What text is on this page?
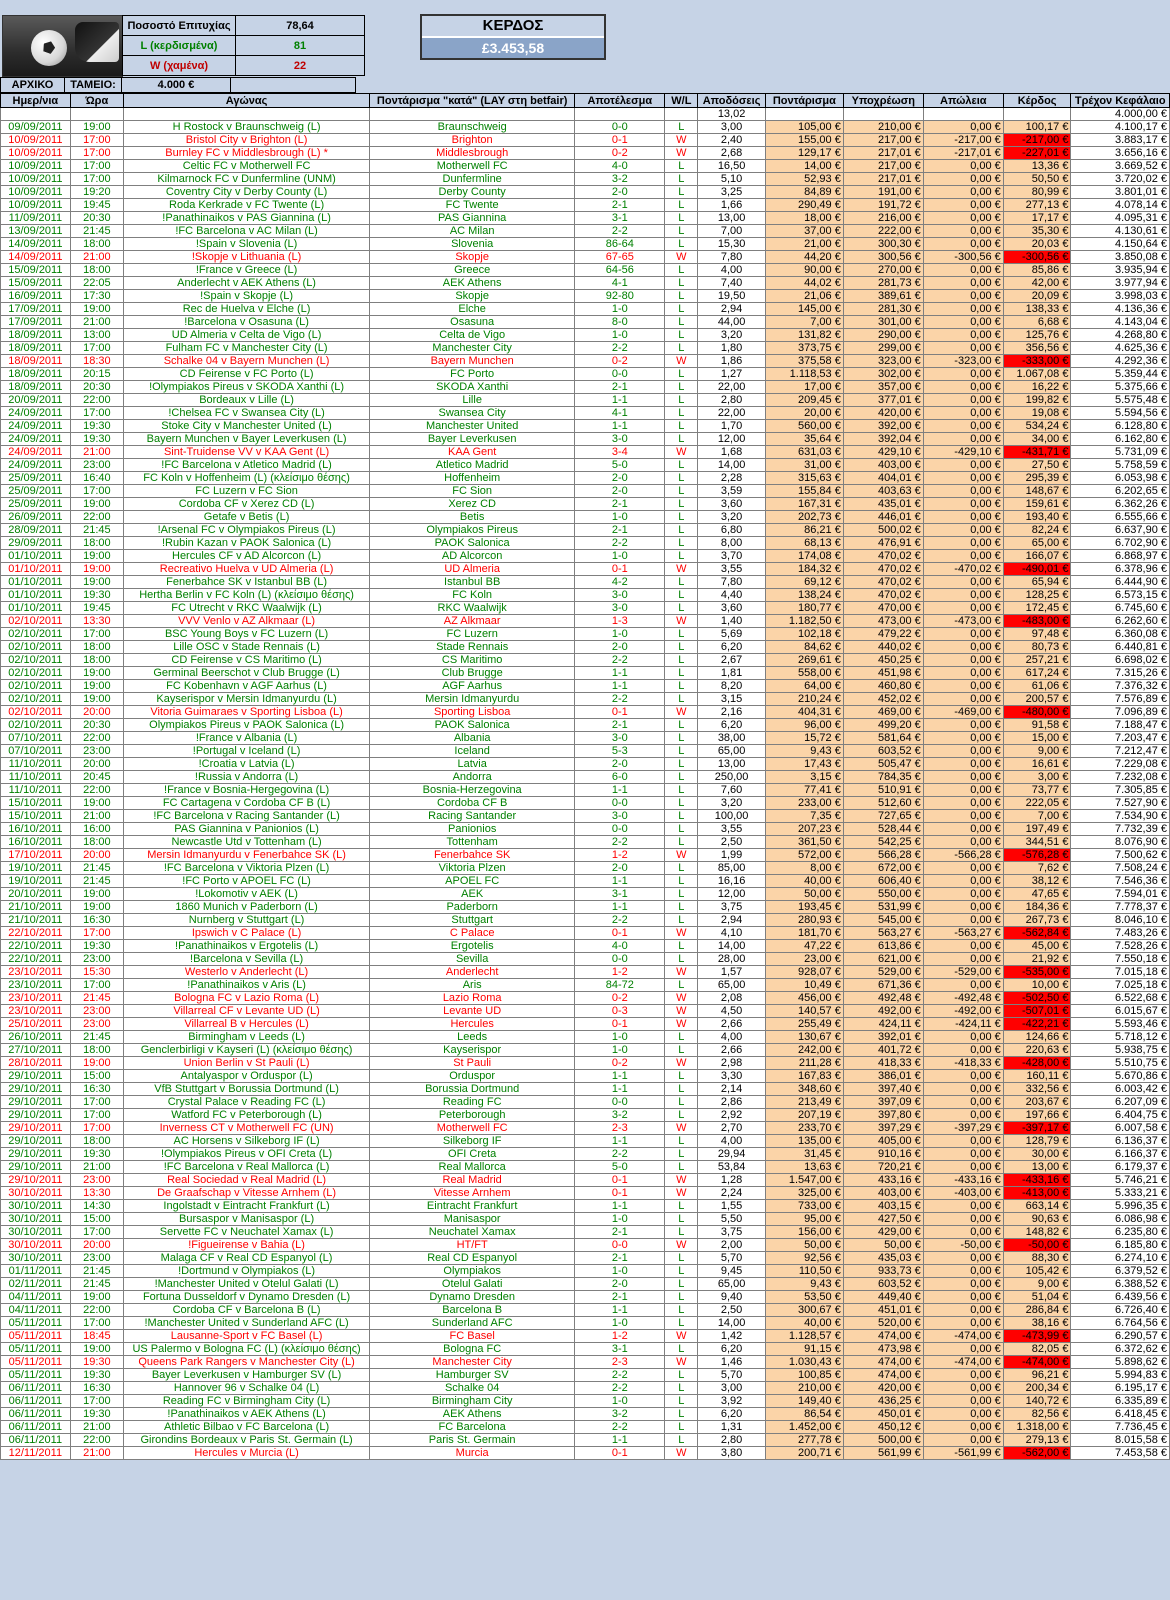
Ποσοστό Επιτυχίας	78,64
L (κερδισμένα)	81
W (χαμένα)	22
ΚΕΡΔΟΣ
£3.453,58
ΑΡΧΙΚΟ	ΤΑΜΕΙΟ:	4.000 €	
Ημερ/νια	Ώρα	Αγώνας	Ποντάρισμα "κατά" (LAY στη betfair)	Αποτέλεσμα	W/L	Αποδόσεις	Ποντάρισμα	Υποχρέωση	Απώλεια	Κέρδος	Τρέχον Κεφάλαιο
						13,02					4.000,00 €
09/09/2011	19:00	H Rostock v Braunschweig (L)	Braunschweig	0-0	L	3,00	105,00 €	210,00 €	0,00 €	100,17 €	4.100,17 €
10/09/2011	17:00	Bristol City v Brighton (L)	Brighton	0-1	W	2,40	155,00 €	217,00 €	-217,00 €	-217,00 €	3.883,17 €
10/09/2011	17:00	Burnley FC v Middlesbrough (L) *	Middlesbrough	0-2	W	2,68	129,17 €	217,01 €	-217,01 €	-227,01 €	3.656,16 €
10/09/2011	17:00	Celtic FC v Motherwell FC	Motherwell FC	4-0	L	16,50	14,00 €	217,00 €	0,00 €	13,36 €	3.669,52 €
10/09/2011	17:00	Kilmarnock FC v Dunfermline (UNM)	Dunfermline	3-2	L	5,10	52,93 €	217,01 €	0,00 €	50,50 €	3.720,02 €
10/09/2011	19:20	Coventry City v Derby County (L)	Derby County	2-0	L	3,25	84,89 €	191,00 €	0,00 €	80,99 €	3.801,01 €
10/09/2011	19:45	Roda Kerkrade v FC Twente (L)	FC Twente	2-1	L	1,66	290,49 €	191,72 €	0,00 €	277,13 €	4.078,14 €
11/09/2011	20:30	!Panathinaikos v PAS Giannina (L)	PAS Giannina	3-1	L	13,00	18,00 €	216,00 €	0,00 €	17,17 €	4.095,31 €
13/09/2011	21:45	!FC Barcelona v AC Milan (L)	AC Milan	2-2	L	7,00	37,00 €	222,00 €	0,00 €	35,30 €	4.130,61 €
14/09/2011	18:00	!Spain v Slovenia (L)	Slovenia	86-64	L	15,30	21,00 €	300,30 €	0,00 €	20,03 €	4.150,64 €
14/09/2011	21:00	!Skopje v Lithuania (L)	Skopje	67-65	W	7,80	44,20 €	300,56 €	-300,56 €	-300,56 €	3.850,08 €
15/09/2011	18:00	!France v Greece (L)	Greece	64-56	L	4,00	90,00 €	270,00 €	0,00 €	85,86 €	3.935,94 €
15/09/2011	22:05	Anderlecht v AEK Athens (L)	AEK Athens	4-1	L	7,40	44,02 €	281,73 €	0,00 €	42,00 €	3.977,94 €
16/09/2011	17:30	!Spain v Skopje (L)	Skopje	92-80	L	19,50	21,06 €	389,61 €	0,00 €	20,09 €	3.998,03 €
17/09/2011	19:00	Rec de Huelva v Elche (L)	Elche	1-0	L	2,94	145,00 €	281,30 €	0,00 €	138,33 €	4.136,36 €
17/09/2011	21:00	!Barcelona v Osasuna (L)	Osasuna	8-0	L	44,00	7,00 €	301,00 €	0,00 €	6,68 €	4.143,04 €
18/09/2011	13:00	UD Almeria v Celta de Vigo (L)	Celta de Vigo	1-0	L	3,20	131,82 €	290,00 €	0,00 €	125,76 €	4.268,80 €
18/09/2011	17:00	Fulham FC v Manchester City (L)	Manchester City	2-2	L	1,80	373,75 €	299,00 €	0,00 €	356,56 €	4.625,36 €
18/09/2011	18:30	Schalke 04 v Bayern Munchen (L)	Bayern Munchen	0-2	W	1,86	375,58 €	323,00 €	-323,00 €	-333,00 €	4.292,36 €
18/09/2011	20:15	CD Feirense v FC Porto (L)	FC Porto	0-0	L	1,27	1.118,53 €	302,00 €	0,00 €	1.067,08 €	5.359,44 €
18/09/2011	20:30	!Olympiakos Pireus v SKODA Xanthi (L)	SKODA Xanthi	2-1	L	22,00	17,00 €	357,00 €	0,00 €	16,22 €	5.375,66 €
20/09/2011	22:00	Bordeaux v Lille (L)	Lille	1-1	L	2,80	209,45 €	377,01 €	0,00 €	199,82 €	5.575,48 €
24/09/2011	17:00	!Chelsea FC v Swansea City (L)	Swansea City	4-1	L	22,00	20,00 €	420,00 €	0,00 €	19,08 €	5.594,56 €
24/09/2011	19:30	Stoke City v Manchester United (L)	Manchester United	1-1	L	1,70	560,00 €	392,00 €	0,00 €	534,24 €	6.128,80 €
24/09/2011	19:30	Bayern Munchen v Bayer Leverkusen (L)	Bayer Leverkusen	3-0	L	12,00	35,64 €	392,04 €	0,00 €	34,00 €	6.162,80 €
24/09/2011	21:00	Sint-Truidense VV v KAA Gent (L)	KAA Gent	3-4	W	1,68	631,03 €	429,10 €	-429,10 €	-431,71 €	5.731,09 €
24/09/2011	23:00	!FC Barcelona v Atletico Madrid (L)	Atletico Madrid	5-0	L	14,00	31,00 €	403,00 €	0,00 €	27,50 €	5.758,59 €
25/09/2011	16:40	FC Koln v Hoffenheim (L) (κλείσιμο θέσης)	Hoffenheim	2-0	L	2,28	315,63 €	404,01 €	0,00 €	295,39 €	6.053,98 €
25/09/2011	17:00	FC Luzern v FC Sion	FC Sion	2-0	L	3,59	155,84 €	403,63 €	0,00 €	148,67 €	6.202,65 €
25/09/2011	19:00	Cordoba CF v Xerez CD (L)	Xerez CD	2-1	L	3,60	167,31 €	435,01 €	0,00 €	159,61 €	6.362,26 €
26/09/2011	22:00	Getafe v Betis (L)	Betis	1-0	L	3,20	202,73 €	446,01 €	0,00 €	193,40 €	6.555,66 €
28/09/2011	21:45	!Arsenal FC v Olympiakos Pireus (L)	Olympiakos Pireus	2-1	L	6,80	86,21 €	500,02 €	0,00 €	82,24 €	6.637,90 €
29/09/2011	18:00	!Rubin Kazan v PAOK Salonica (L)	PAOK Salonica	2-2	L	8,00	68,13 €	476,91 €	0,00 €	65,00 €	6.702,90 €
01/10/2011	19:00	Hercules CF v AD Alcorcon (L)	AD Alcorcon	1-0	L	3,70	174,08 €	470,02 €	0,00 €	166,07 €	6.868,97 €
01/10/2011	19:00	Recreativo Huelva v UD Almeria (L)	UD Almeria	0-1	W	3,55	184,32 €	470,02 €	-470,02 €	-490,01 €	6.378,96 €
01/10/2011	19:00	Fenerbahce SK v Istanbul BB (L)	Istanbul BB	4-2	L	7,80	69,12 €	470,02 €	0,00 €	65,94 €	6.444,90 €
01/10/2011	19:30	Hertha Berlin v FC Koln (L) (κλείσιμο θέσης)	FC Koln	3-0	L	4,40	138,24 €	470,02 €	0,00 €	128,25 €	6.573,15 €
01/10/2011	19:45	FC Utrecht v RKC Waalwijk (L)	RKC Waalwijk	3-0	L	3,60	180,77 €	470,00 €	0,00 €	172,45 €	6.745,60 €
02/10/2011	13:30	VVV Venlo v AZ Alkmaar (L)	AZ Alkmaar	1-3	W	1,40	1.182,50 €	473,00 €	-473,00 €	-483,00 €	6.262,60 €
02/10/2011	17:00	BSC Young Boys v FC Luzern (L)	FC Luzern	1-0	L	5,69	102,18 €	479,22 €	0,00 €	97,48 €	6.360,08 €
02/10/2011	18:00	Lille OSC v Stade Rennais (L)	Stade Rennais	2-0	L	6,20	84,62 €	440,02 €	0,00 €	80,73 €	6.440,81 €
02/10/2011	18:00	CD Feirense v CS Maritimo (L)	CS Maritimo	2-2	L	2,67	269,61 €	450,25 €	0,00 €	257,21 €	6.698,02 €
02/10/2011	19:00	Germinal Beerschot v Club Brugge (L)	Club Brugge	1-1	L	1,81	558,00 €	451,98 €	0,00 €	617,24 €	7.315,26 €
02/10/2011	19:00	FC Kobenhavn v AGF Aarhus (L)	AGF Aarhus	1-1	L	8,20	64,00 €	460,80 €	0,00 €	61,06 €	7.376,32 €
02/10/2011	19:00	Kayserispor v Mersin Idmanyurdu (L)	Mersin Idmanyurdu	2-2	L	3,15	210,24 €	452,02 €	0,00 €	200,57 €	7.576,89 €
02/10/2011	20:00	Vitoria Guimaraes v Sporting Lisboa (L)	Sporting Lisboa	0-1	W	2,16	404,31 €	469,00 €	-469,00 €	-480,00 €	7.096,89 €
02/10/2011	20:30	Olympiakos Pireus v PAOK Salonica (L)	PAOK Salonica	2-1	L	6,20	96,00 €	499,20 €	0,00 €	91,58 €	7.188,47 €
07/10/2011	22:00	!France v Albania (L)	Albania	3-0	L	38,00	15,72 €	581,64 €	0,00 €	15,00 €	7.203,47 €
07/10/2011	23:00	!Portugal v Iceland (L)	Iceland	5-3	L	65,00	9,43 €	603,52 €	0,00 €	9,00 €	7.212,47 €
11/10/2011	20:00	!Croatia v Latvia (L)	Latvia	2-0	L	13,00	17,43 €	505,47 €	0,00 €	16,61 €	7.229,08 €
11/10/2011	20:45	!Russia v Andorra (L)	Andorra	6-0	L	250,00	3,15 €	784,35 €	0,00 €	3,00 €	7.232,08 €
11/10/2011	22:00	!France v Bosnia-Hergegovina (L)	Bosnia-Herzegovina	1-1	L	7,60	77,41 €	510,91 €	0,00 €	73,77 €	7.305,85 €
15/10/2011	19:00	FC Cartagena v Cordoba CF B (L)	Cordoba CF B	0-0	L	3,20	233,00 €	512,60 €	0,00 €	222,05 €	7.527,90 €
15/10/2011	21:00	!FC Barcelona v Racing Santander (L)	Racing Santander	3-0	L	100,00	7,35 €	727,65 €	0,00 €	7,00 €	7.534,90 €
16/10/2011	16:00	PAS Giannina v Panionios (L)	Panionios	0-0	L	3,55	207,23 €	528,44 €	0,00 €	197,49 €	7.732,39 €
16/10/2011	18:00	Newcastle Utd v Tottenham (L)	Tottenham	2-2	L	2,50	361,50 €	542,25 €	0,00 €	344,51 €	8.076,90 €
17/10/2011	20:00	Mersin Idmanyurdu v Fenerbahce SK (L)	Fenerbahce SK	1-2	W	1,99	572,00 €	566,28 €	-566,28 €	-576,28 €	7.500,62 €
19/10/2011	21:45	!FC Barcelona v Viktoria Plzen (L)	Viktoria Plzen	2-0	L	85,00	8,00 €	672,00 €	0,00 €	7,62 €	7.508,24 €
19/10/2011	21:45	!FC Porto v APOEL FC (L)	APOEL FC	1-1	L	16,16	40,00 €	606,40 €	0,00 €	38,12 €	7.546,36 €
20/10/2011	19:00	!Lokomotiv v AEK (L)	AEK	3-1	L	12,00	50,00 €	550,00 €	0,00 €	47,65 €	7.594,01 €
21/10/2011	19:00	1860 Munich v Paderborn (L)	Paderborn	1-1	L	3,75	193,45 €	531,99 €	0,00 €	184,36 €	7.778,37 €
21/10/2011	16:30	Nurnberg v Stuttgart (L)	Stuttgart	2-2	L	2,94	280,93 €	545,00 €	0,00 €	267,73 €	8.046,10 €
22/10/2011	17:00	Ipswich v C Palace (L)	C Palace	0-1	W	4,10	181,70 €	563,27 €	-563,27 €	-562,84 €	7.483,26 €
22/10/2011	19:30	!Panathinaikos v Ergotelis (L)	Ergotelis	4-0	L	14,00	47,22 €	613,86 €	0,00 €	45,00 €	7.528,26 €
22/10/2011	23:00	!Barcelona v Sevilla (L)	Sevilla	0-0	L	28,00	23,00 €	621,00 €	0,00 €	21,92 €	7.550,18 €
23/10/2011	15:30	Westerlo v Anderlecht (L)	Anderlecht	1-2	W	1,57	928,07 €	529,00 €	-529,00 €	-535,00 €	7.015,18 €
23/10/2011	17:00	!Panathinaikos v Aris (L)	Aris	84-72	L	65,00	10,49 €	671,36 €	0,00 €	10,00 €	7.025,18 €
23/10/2011	21:45	Bologna FC v Lazio Roma (L)	Lazio Roma	0-2	W	2,08	456,00 €	492,48 €	-492,48 €	-502,50 €	6.522,68 €
23/10/2011	23:00	Villarreal CF v Levante UD (L)	Levante UD	0-3	W	4,50	140,57 €	492,00 €	-492,00 €	-507,01 €	6.015,67 €
25/10/2011	23:00	Villarreal B v Hercules (L)	Hercules	0-1	W	2,66	255,49 €	424,11 €	-424,11 €	-422,21 €	5.593,46 €
26/10/2011	21:45	Birmingham v Leeds (L)	Leeds	1-0	L	4,00	130,67 €	392,01 €	0,00 €	124,66 €	5.718,12 €
27/10/2011	18:00	Genclerbirligi v Kayseri (L) (κλείσιμο θέσης)	Kayserispor	1-0	L	2,66	242,00 €	401,72 €	0,00 €	220,63 €	5.938,75 €
28/10/2011	19:00	Union Berlin v St Pauli (L)	St Pauli	0-2	W	2,98	211,28 €	418,33 €	-418,33 €	-428,00 €	5.510,75 €
29/10/2011	15:00	Antalyaspor v Orduspor (L)	Orduspor	1-1	L	3,30	167,83 €	386,01 €	0,00 €	160,11 €	5.670,86 €
29/10/2011	16:30	VfB Stuttgart v Borussia Dortmund (L)	Borussia Dortmund	1-1	L	2,14	348,60 €	397,40 €	0,00 €	332,56 €	6.003,42 €
29/10/2011	17:00	Crystal Palace v Reading FC (L)	Reading FC	0-0	L	2,86	213,49 €	397,09 €	0,00 €	203,67 €	6.207,09 €
29/10/2011	17:00	Watford FC v Peterborough (L)	Peterborough	3-2	L	2,92	207,19 €	397,80 €	0,00 €	197,66 €	6.404,75 €
29/10/2011	17:00	Inverness CT v Motherwell FC (UN)	Motherwell FC	2-3	W	2,70	233,70 €	397,29 €	-397,29 €	-397,17 €	6.007,58 €
29/10/2011	18:00	AC Horsens v Silkeborg IF (L)	Silkeborg IF	1-1	L	4,00	135,00 €	405,00 €	0,00 €	128,79 €	6.136,37 €
29/10/2011	19:30	!Olympiakos Pireus v OFI Creta (L)	OFI Creta	2-2	L	29,94	31,45 €	910,16 €	0,00 €	30,00 €	6.166,37 €
29/10/2011	21:00	!FC Barcelona v Real Mallorca (L)	Real Mallorca	5-0	L	53,84	13,63 €	720,21 €	0,00 €	13,00 €	6.179,37 €
29/10/2011	23:00	Real Sociedad v Real Madrid (L)	Real Madrid	0-1	W	1,28	1.547,00 €	433,16 €	-433,16 €	-433,16 €	5.746,21 €
30/10/2011	13:30	De Graafschap v Vitesse Arnhem (L)	Vitesse Arnhem	0-1	W	2,24	325,00 €	403,00 €	-403,00 €	-413,00 €	5.333,21 €
30/10/2011	14:30	Ingolstadt v Eintracht Frankfurt (L)	Eintracht Frankfurt	1-1	L	1,55	733,00 €	403,15 €	0,00 €	663,14 €	5.996,35 €
30/10/2011	15:00	Bursaspor v Manisaspor (L)	Manisaspor	1-0	L	5,50	95,00 €	427,50 €	0,00 €	90,63 €	6.086,98 €
30/10/2011	17:00	Servette FC v Neuchatel Xamax (L)	Neuchatel Xamax	2-1	L	3,75	156,00 €	429,00 €	0,00 €	148,82 €	6.235,80 €
30/10/2011	20:00	!Figueirense v Bahia (L)	HT/FT	0-0	W	2,00	50,00 €	50,00 €	-50,00 €	-50,00 €	6.185,80 €
30/10/2011	23:00	Malaga CF v Real CD Espanyol (L)	Real CD Espanyol	2-1	L	5,70	92,56 €	435,03 €	0,00 €	88,30 €	6.274,10 €
01/11/2011	21:45	!Dortmund v Olympiakos (L)	Olympiakos	1-0	L	9,45	110,50 €	933,73 €	0,00 €	105,42 €	6.379,52 €
02/11/2011	21:45	!Manchester United v Otelul Galati (L)	Otelul Galati	2-0	L	65,00	9,43 €	603,52 €	0,00 €	9,00 €	6.388,52 €
04/11/2011	19:00	Fortuna Dusseldorf v Dynamo Dresden (L)	Dynamo Dresden	2-1	L	9,40	53,50 €	449,40 €	0,00 €	51,04 €	6.439,56 €
04/11/2011	22:00	Cordoba CF v Barcelona B (L)	Barcelona B	1-1	L	2,50	300,67 €	451,01 €	0,00 €	286,84 €	6.726,40 €
05/11/2011	17:00	!Manchester United v Sunderland AFC (L)	Sunderland AFC	1-0	L	14,00	40,00 €	520,00 €	0,00 €	38,16 €	6.764,56 €
05/11/2011	18:45	Lausanne-Sport v FC Basel (L)	FC Basel	1-2	W	1,42	1.128,57 €	474,00 €	-474,00 €	-473,99 €	6.290,57 €
05/11/2011	19:00	US Palermo v Bologna FC (L) (κλείσιμο θέσης)	Bologna FC	3-1	L	6,20	91,15 €	473,98 €	0,00 €	82,05 €	6.372,62 €
05/11/2011	19:30	Queens Park Rangers v Manchester City (L)	Manchester City	2-3	W	1,46	1.030,43 €	474,00 €	-474,00 €	-474,00 €	5.898,62 €
05/11/2011	19:30	Bayer Leverkusen v Hamburger SV (L)	Hamburger SV	2-2	L	5,70	100,85 €	474,00 €	0,00 €	96,21 €	5.994,83 €
06/11/2011	16:30	Hannover 96 v Schalke 04 (L)	Schalke 04	2-2	L	3,00	210,00 €	420,00 €	0,00 €	200,34 €	6.195,17 €
06/11/2011	17:00	Reading FC v Birmingham City (L)	Birmingham City	1-0	L	3,92	149,40 €	436,25 €	0,00 €	140,72 €	6.335,89 €
06/11/2011	19:30	!Panathinaikos v AEK Athens (L)	AEK Athens	3-2	L	6,20	86,54 €	450,01 €	0,00 €	82,56 €	6.418,45 €
06/11/2011	21:00	Athletic Bilbao v FC Barcelona (L)	FC Barcelona	2-2	L	1,31	1.452,00 €	450,12 €	0,00 €	1.318,00 €	7.736,45 €
06/11/2011	22:00	Girondins Bordeaux v Paris St. Germain (L)	Paris St. Germain	1-1	L	2,80	277,78 €	500,00 €	0,00 €	279,13 €	8.015,58 €
12/11/2011	21:00	Hercules v Murcia (L)	Murcia	0-1	W	3,80	200,71 €	561,99 €	-561,99 €	-562,00 €	7.453,58 €
